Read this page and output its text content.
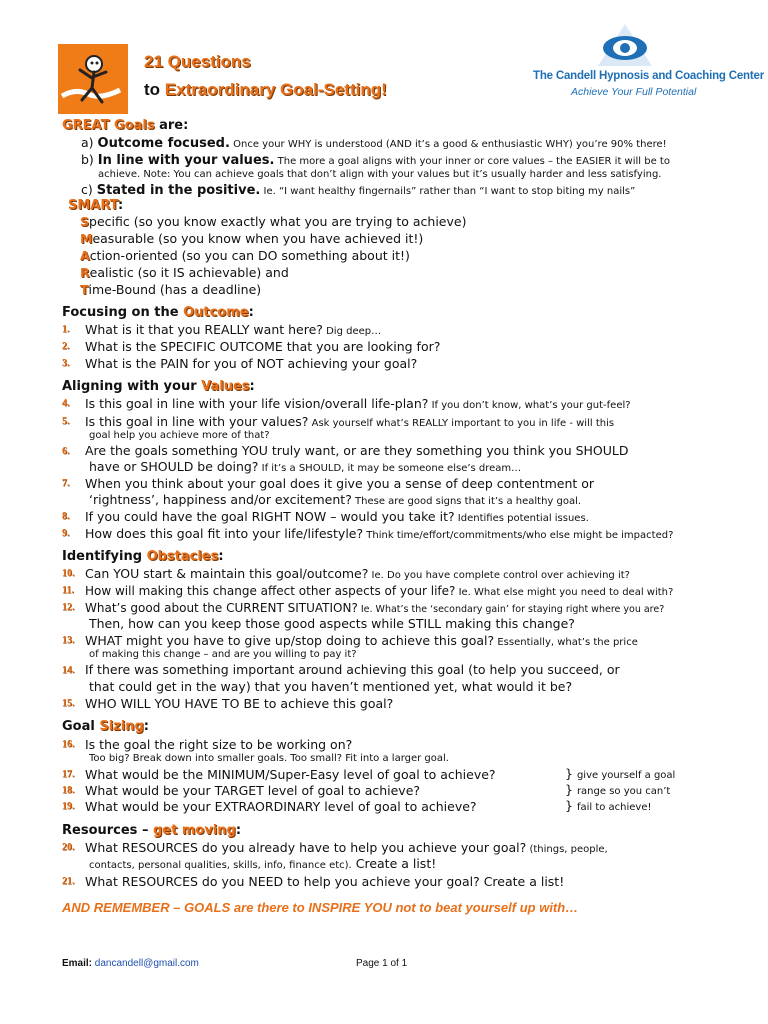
21 Questions
to Extraordinary Goal-Setting!
The Candell Hypnosis and Coaching Center
Achieve Your Full Potential
GREAT Goals are:
a) Outcome focused. Once your WHY is understood (AND it’s a good & enthusiastic WHY) you’re 90% there!
b) In line with your values. The more a goal aligns with your inner or core values – the EASIER it will be to
achieve. Note: You can achieve goals that don’t align with your values but it’s usually harder and less satisfying.
c) Stated in the positive. Ie. “I want healthy fingernails” rather than “I want to stop biting my nails”
SMART:
Specific (so you know exactly what you are trying to achieve)
Measurable (so you know when you have achieved it!)
Action-oriented (so you can DO something about it!)
Realistic (so it IS achievable) and
Time-Bound (has a deadline)
Focusing on the Outcome:
1. What is it that you REALLY want here? Dig deep…
2. What is the SPECIFIC OUTCOME that you are looking for?
3. What is the PAIN for you of NOT achieving your goal?
Aligning with your Values:
4. Is this goal in line with your life vision/overall life-plan? If you don’t know, what’s your gut-feel?
5. Is this goal in line with your values? Ask yourself what’s REALLY important to you in life - will this
goal help you achieve more of that?
6. Are the goals something YOU truly want, or are they something you think you SHOULD
have or SHOULD be doing? If it’s a SHOULD, it may be someone else’s dream…
7. When you think about your goal does it give you a sense of deep contentment or
‘rightness’, happiness and/or excitement? These are good signs that it’s a healthy goal.
8. If you could have the goal RIGHT NOW – would you take it? Identifies potential issues.
9. How does this goal fit into your life/lifestyle? Think time/effort/commitments/who else might be impacted?
Identifying Obstacles:
10. Can YOU start & maintain this goal/outcome? Ie. Do you have complete control over achieving it?
11. How will making this change affect other aspects of your life? Ie. What else might you need to deal with?
12. What’s good about the CURRENT SITUATION? Ie. What’s the ‘secondary gain’ for staying right where you are?
Then, how can you keep those good aspects while STILL making this change?
13. WHAT might you have to give up/stop doing to achieve this goal? Essentially, what’s the price
of making this change – and are you willing to pay it?
14. If there was something important around achieving this goal (to help you succeed, or
that could get in the way) that you haven’t mentioned yet, what would it be?
15. WHO WILL YOU HAVE TO BE to achieve this goal?
Goal Sizing:
16. Is the goal the right size to be working on?
Too big? Break down into smaller goals. Too small? Fit into a larger goal.
17. What would be the MINIMUM/Super-Easy level of goal to achieve?
18. What would be your TARGET level of goal to achieve?
19. What would be your EXTRAORDINARY level of goal to achieve?
} give yourself a goal
} range so you can’t
} fail to achieve!
Resources – get moving:
20. What RESOURCES do you already have to help you achieve your goal? (things, people,
contacts, personal qualities, skills, info, finance etc). Create a list!
21. What RESOURCES do you NEED to help you achieve your goal? Create a list!
AND REMEMBER – GOALS are there to INSPIRE YOU not to beat yourself up with…
Email: dancandell@gmail.com	Page 1 of 1
